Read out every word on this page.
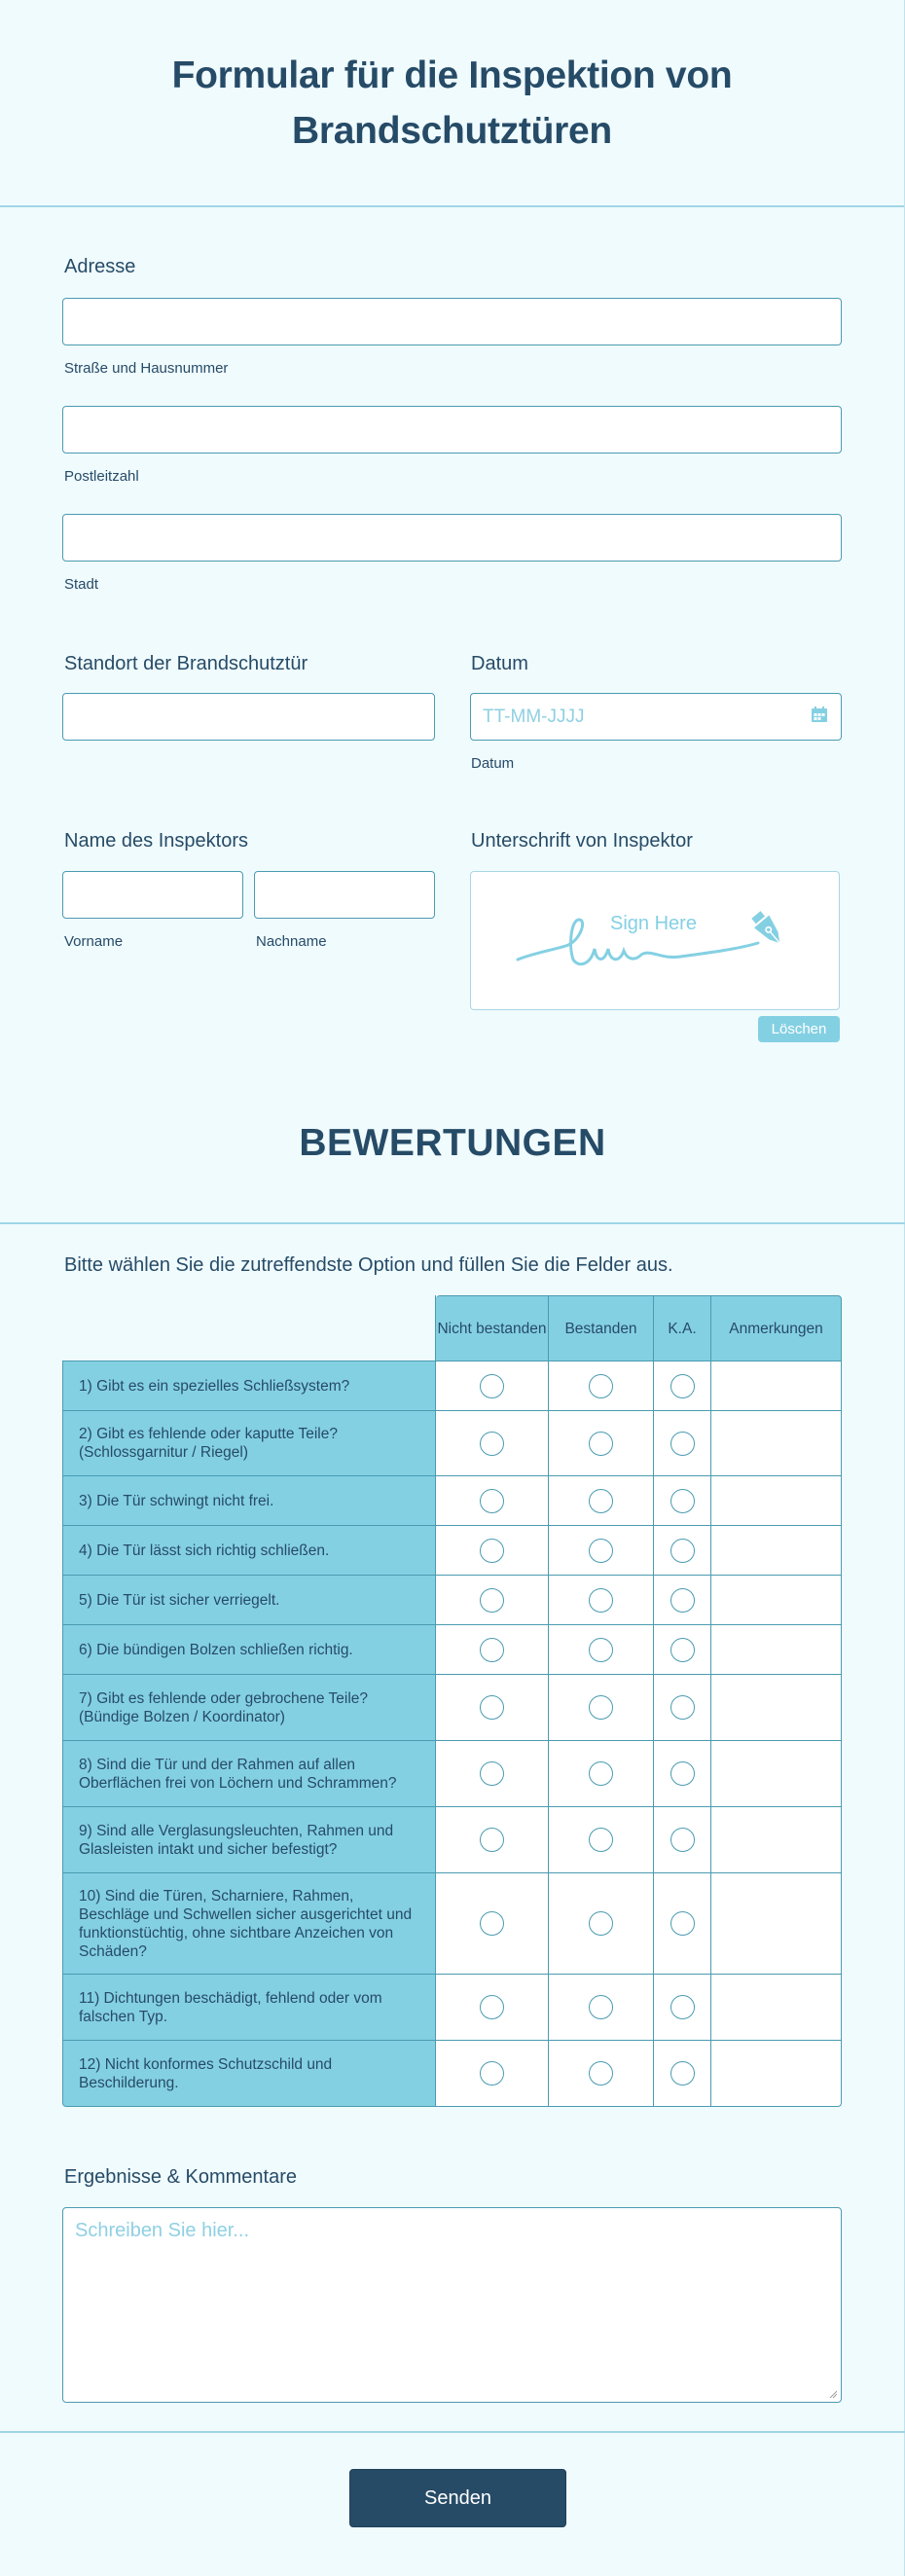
Formular für die Inspektion von Brandschutztüren
Adresse
Straße und Hausnummer
Postleitzahl
Stadt
Standort der Brandschutztür	Datum
TT-MM-JJJJ
Datum
Name des Inspektors
Vorname	Nachname
Unterschrift von Inspektor
Sign Here
Löschen
BEWERTUNGEN
Bitte wählen Sie die zutreffendste Option und füllen Sie die Felder aus.
Nicht bestanden	Bestanden	K.A.	Anmerkungen
1) Gibt es ein spezielles Schließsystem?
2) Gibt es fehlende oder kaputte Teile? (Schlossgarnitur / Riegel)
3) Die Tür schwingt nicht frei.
4) Die Tür lässt sich richtig schließen.
5) Die Tür ist sicher verriegelt.
6) Die bündigen Bolzen schließen richtig.
7) Gibt es fehlende oder gebrochene Teile? (Bündige Bolzen / Koordinator)
8) Sind die Tür und der Rahmen auf allen Oberflächen frei von Löchern und Schrammen?
9) Sind alle Verglasungsleuchten, Rahmen und Glasleisten intakt und sicher befestigt?
10) Sind die Türen, Scharniere, Rahmen, Beschläge und Schwellen sicher ausgerichtet und funktionstüchtig, ohne sichtbare Anzeichen von Schäden?
11) Dichtungen beschädigt, fehlend oder vom falschen Typ.
12) Nicht konformes Schutzschild und Beschilderung.
Ergebnisse & Kommentare
Schreiben Sie hier...
Senden
